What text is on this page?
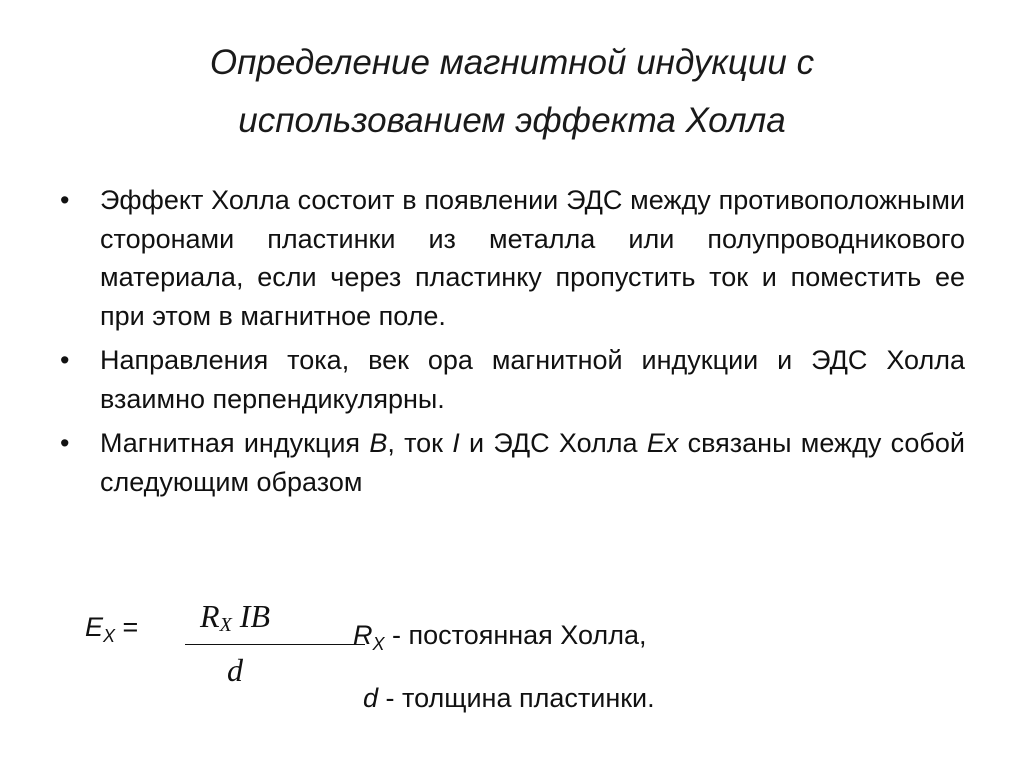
Определение магнитной индукции с
использованием эффекта Холла
•
Эффект Холла состоит в появлении ЭДС между противоположными сторонами пластинки из металла или полупроводникового материала, если через пластинку пропустить ток и поместить ее при этом в магнитное поле.
•
Направления тока, век ора магнитной индукции и ЭДС Холла взаимно перпендикулярны.
•
Магнитная индукция B, ток I и ЭДС Холла Ex связаны между собой следующим образом
$E_X$ =	$R_X$ IB
d
$R_X$ - постоянная Холла,
d - толщина пластинки.
